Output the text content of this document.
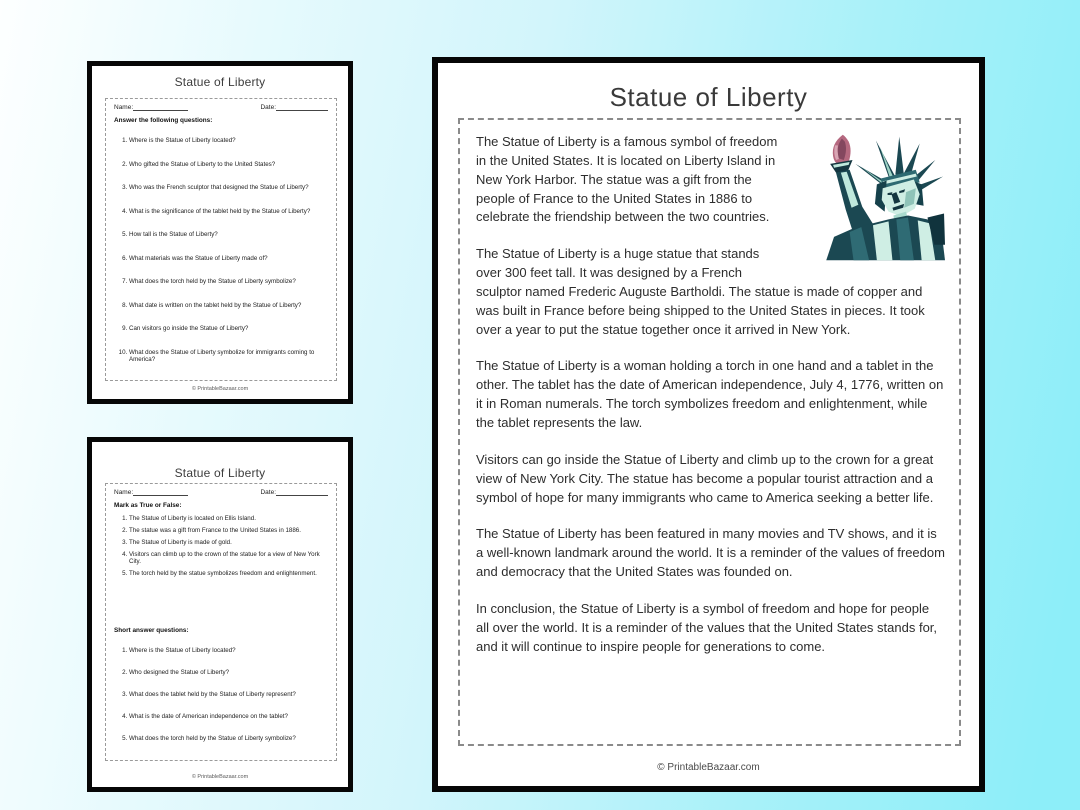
Statue of Liberty
Name:	Date:
Answer the following questions:
1. Where is the Statue of Liberty located?
2. Who gifted the Statue of Liberty to the United States?
3. Who was the French sculptor that designed the Statue of Liberty?
4. What is the significance of the tablet held by the Statue of Liberty?
5. How tall is the Statue of Liberty?
6. What materials was the Statue of Liberty made of?
7. What does the torch held by the Statue of Liberty symbolize?
8. What date is written on the tablet held by the Statue of Liberty?
9. Can visitors go inside the Statue of Liberty?
10. What does the Statue of Liberty symbolize for immigrants coming to America?
© PrintableBazaar.com
Statue of Liberty
Name:	Date:
Mark as True or False:
1. The Statue of Liberty is located on Ellis Island.
2. The statue was a gift from France to the United States in 1886.
3. The Statue of Liberty is made of gold.
4. Visitors can climb up to the crown of the statue for a view of New York City.
5. The torch held by the statue symbolizes freedom and enlightenment.
Short answer questions:
1. Where is the Statue of Liberty located?
2. Who designed the Statue of Liberty?
3. What does the tablet held by the Statue of Liberty represent?
4. What is the date of American independence on the tablet?
5. What does the torch held by the Statue of Liberty symbolize?
© PrintableBazaar.com
Statue of Liberty

The Statue of Liberty is a famous symbol of freedom in the United States. It is located on Liberty Island in New York Harbor. The statue was a gift from the people of France to the United States in 1886 to celebrate the friendship between the two countries.

The Statue of Liberty is a huge statue that stands over 300 feet tall. It was designed by a French sculptor named Frederic Auguste Bartholdi. The statue is made of copper and was built in France before being shipped to the United States in pieces. It took over a year to put the statue together once it arrived in New York.

The Statue of Liberty is a woman holding a torch in one hand and a tablet in the other. The tablet has the date of American independence, July 4, 1776, written on it in Roman numerals. The torch symbolizes freedom and enlightenment, while the tablet represents the law.

Visitors can go inside the Statue of Liberty and climb up to the crown for a great view of New York City. The statue has become a popular tourist attraction and a symbol of hope for many immigrants who came to America seeking a better life.

The Statue of Liberty has been featured in many movies and TV shows, and it is a well-known landmark around the world. It is a reminder of the values of freedom and democracy that the United States was founded on.

In conclusion, the Statue of Liberty is a symbol of freedom and hope for people all over the world. It is a reminder of the values that the United States stands for, and it will continue to inspire people for generations to come.

© PrintableBazaar.com
